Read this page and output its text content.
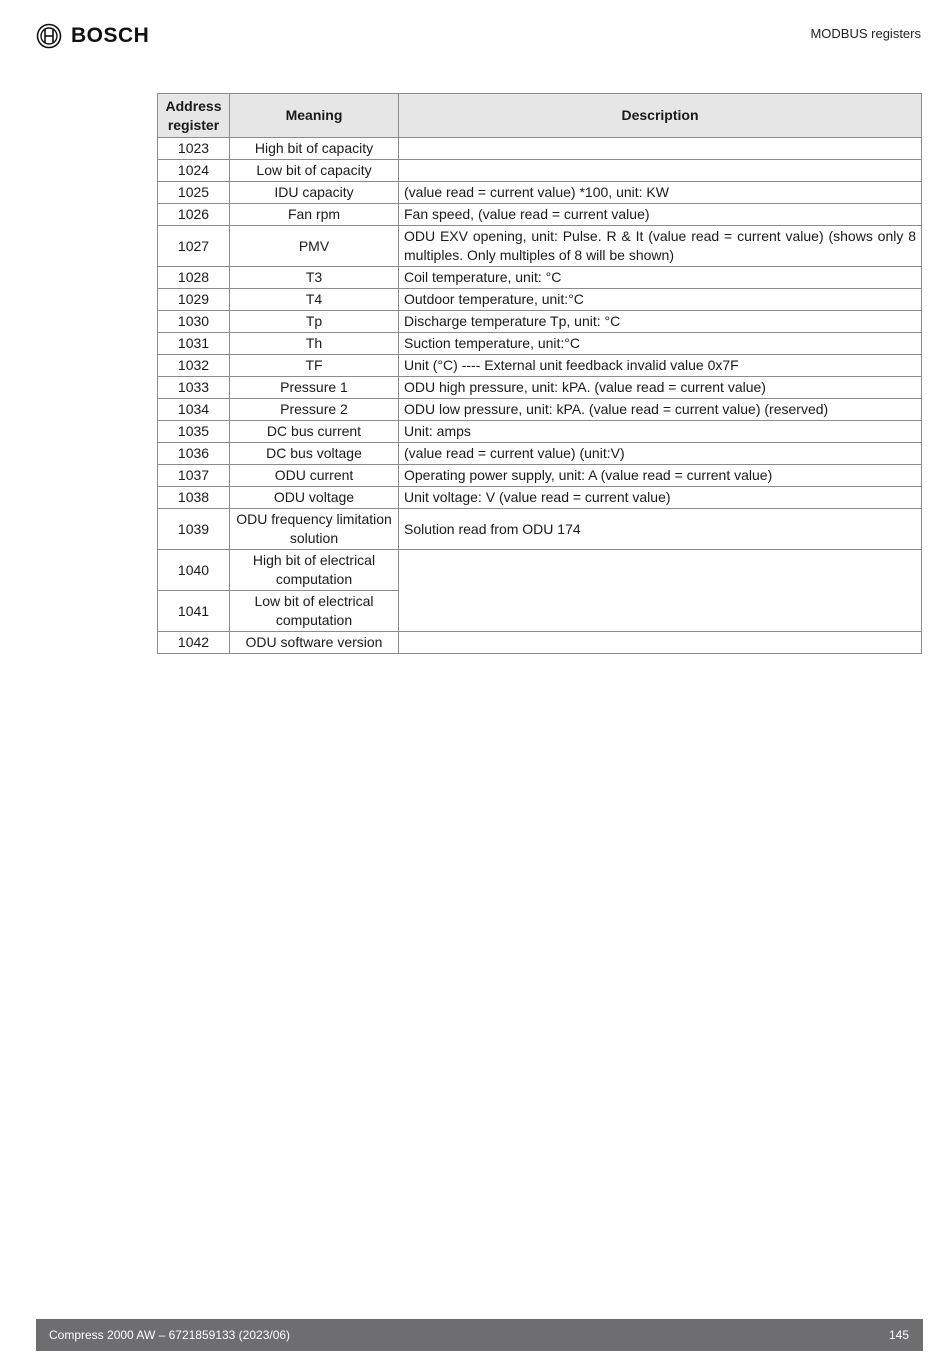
BOSCH	MODBUS registers
Address register	Meaning	Description
1023	High bit of capacity	
1024	Low bit of capacity	
1025	IDU capacity	(value read = current value) *100, unit: KW
1026	Fan rpm	Fan speed, (value read = current value)
1027	PMV	ODU EXV opening, unit: Pulse. R & It (value read = current value) (shows only 8 multiples. Only multiples of 8 will be shown)
1028	T3	Coil temperature, unit: °C
1029	T4	Outdoor temperature, unit:°C
1030	Tp	Discharge temperature Tp, unit: °C
1031	Th	Suction temperature, unit:°C
1032	TF	Unit (°C) ---- External unit feedback invalid value 0x7F
1033	Pressure 1	ODU high pressure, unit: kPA. (value read = current value)
1034	Pressure 2	ODU low pressure, unit: kPA. (value read = current value) (reserved)
1035	DC bus current	Unit: amps
1036	DC bus voltage	(value read = current value) (unit:V)
1037	ODU current	Operating power supply, unit: A (value read = current value)
1038	ODU voltage	Unit voltage: V (value read = current value)
1039	ODU frequency limitation solution	Solution read from ODU 174
1040	High bit of electrical computation	
1041	Low bit of electrical computation	
1042	ODU software version	
Compress 2000 AW – 6721859133 (2023/06)	145
